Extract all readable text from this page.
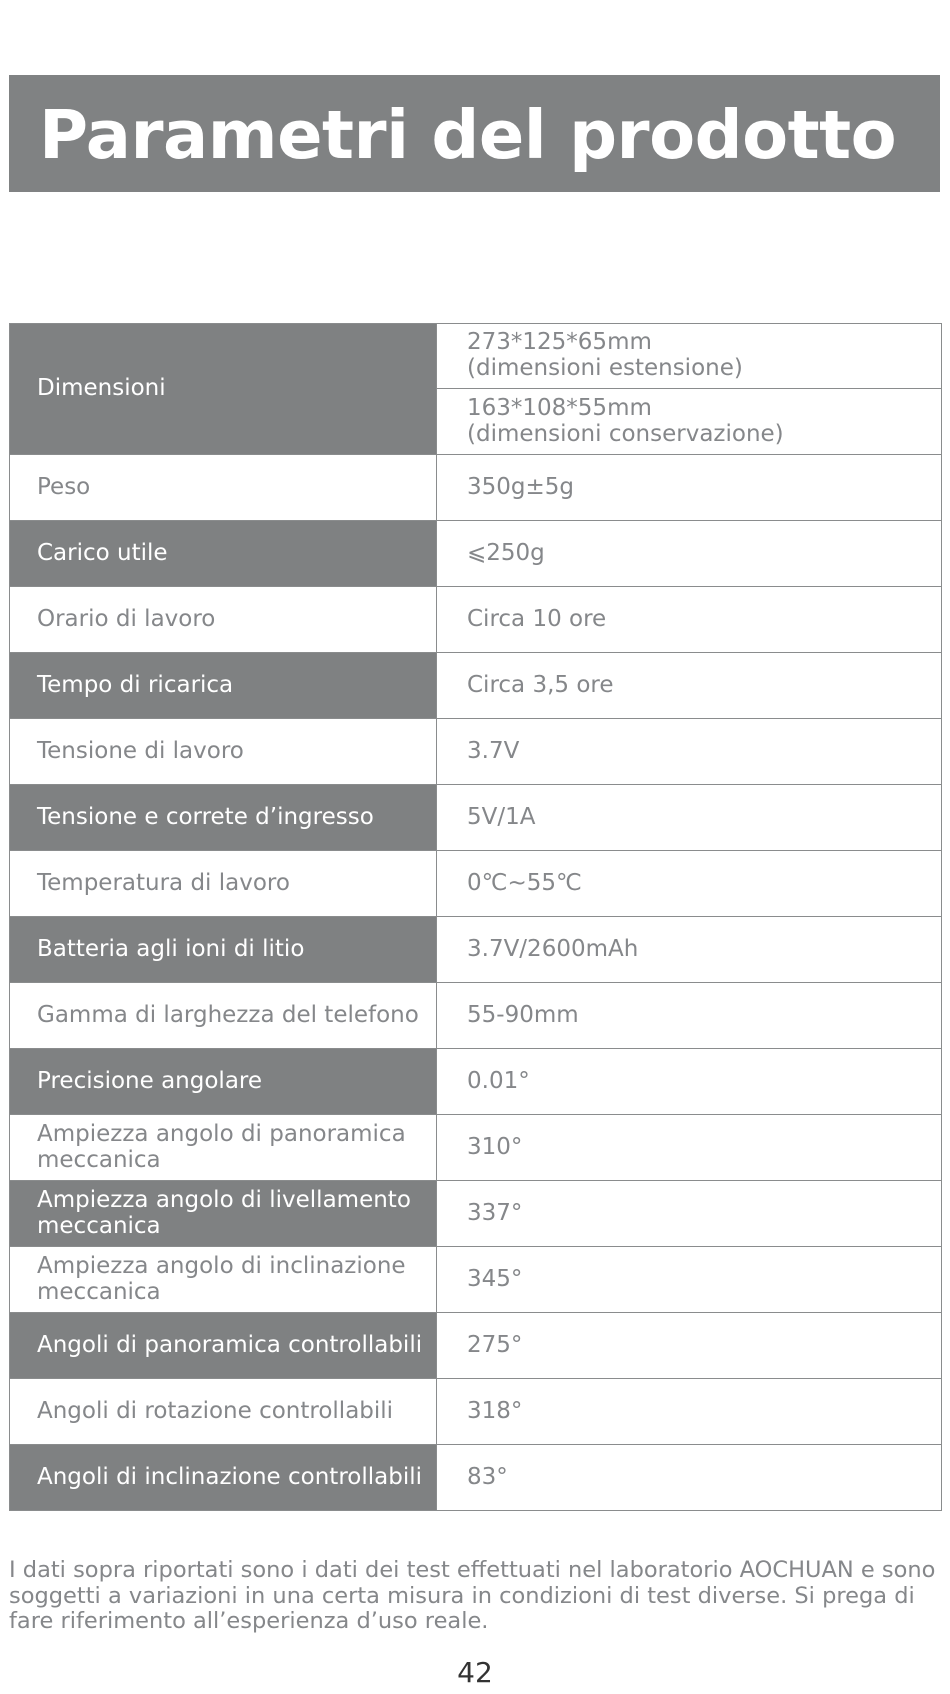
Parametri del prodotto
Dimensioni	273*125*65mm
(dimensioni estensione)

	163*108*55mm
(dimensioni conservazione)

Peso	350g±5g
Carico utile	⩽250g
Orario di lavoro	Circa 10 ore
Tempo di ricarica	Circa 3,5 ore
Tensione di lavoro	3.7V
Tensione e correte d’ingresso	5V/1A
Temperatura di lavoro	0℃~55℃
Batteria agli ioni di litio	3.7V/2600mAh
Gamma di larghezza del telefono	55-90mm
Precisione angolare	0.01°
Ampiezza angolo di panoramica meccanica	310°
Ampiezza angolo di livellamento meccanica	337°
Ampiezza angolo di inclinazione meccanica	345°
Angoli di panoramica controllabili	275°
Angoli di rotazione controllabili	318°
Angoli di inclinazione controllabili	83°

I dati sopra riportati sono i dati dei test effettuati nel laboratorio AOCHUAN e sono soggetti a variazioni in una certa misura in condizioni di test diverse. Si prega di fare riferimento all’esperienza d’uso reale.

42
